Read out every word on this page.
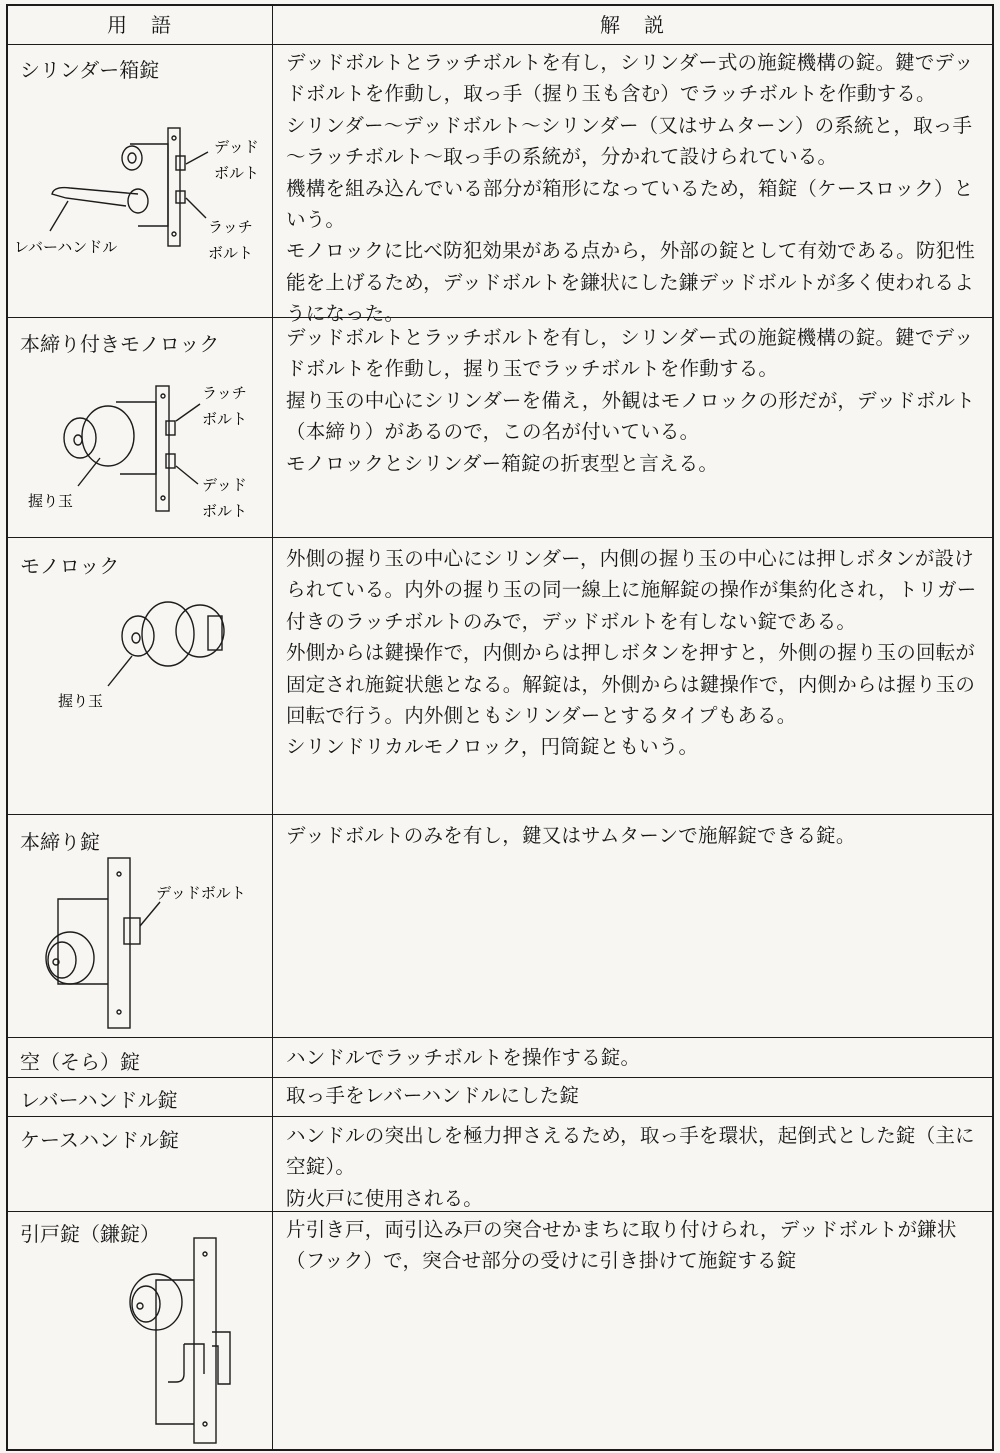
用　語	解　説
シリンダー箱錠	デッドボルトとラッチボルトを有し，シリンダー式の施錠機構の錠。鍵でデッドボルトを作動し，取っ手（握り玉も含む）でラッチボルトを作動する。

シリンダー～デッドボルト～シリンダー（又はサムターン）の系統と，取っ手～ラッチボルト～取っ手の系統が，分かれて設けられている。

機構を組み込んでいる部分が箱形になっているため，箱錠（ケースロック）という。

モノロックに比べ防犯効果がある点から，外部の錠として有効である。防犯性能を上げるため，デッドボルトを鎌状にした鎌デッドボルトが多く使われるようになった。

デッド
ボルト
ラッチ
ボルト
レバーハンドル
本締り付きモノロック	デッドボルトとラッチボルトを有し，シリンダー式の施錠機構の錠。鍵でデッドボルトを作動し，握り玉でラッチボルトを作動する。

握り玉の中心にシリンダーを備え，外観はモノロックの形だが，デッドボルト（本締り）があるので，この名が付いている。

モノロックとシリンダー箱錠の折衷型と言える。

ラッチ
ボルト
デッド
ボルト
握り玉
モノロック	外側の握り玉の中心にシリンダー，内側の握り玉の中心には押しボタンが設けられている。内外の握り玉の同一線上に施解錠の操作が集約化され，トリガー付きのラッチボルトのみで，デッドボルトを有しない錠である。

外側からは鍵操作で，内側からは押しボタンを押すと，外側の握り玉の回転が固定され施錠状態となる。解錠は，外側からは鍵操作で，内側からは握り玉の回転で行う。内外側ともシリンダーとするタイプもある。

シリンドリカルモノロック，円筒錠ともいう。

握り玉
本締り錠	デッドボルトのみを有し，鍵又はサムターンで施解錠できる錠。

デッドボルト
空（そら）錠	ハンドルでラッチボルトを操作する錠。

レバーハンドル錠	取っ手をレバーハンドルにした錠

ケースハンドル錠	ハンドルの突出しを極力押さえるため，取っ手を環状，起倒式とした錠（主に空錠）。

防火戸に使用される。

引戸錠（鎌錠）	片引き戸，両引込み戸の突合せかまちに取り付けられ，デッドボルトが鎌状（フック）で，突合せ部分の受けに引き掛けて施錠する錠
